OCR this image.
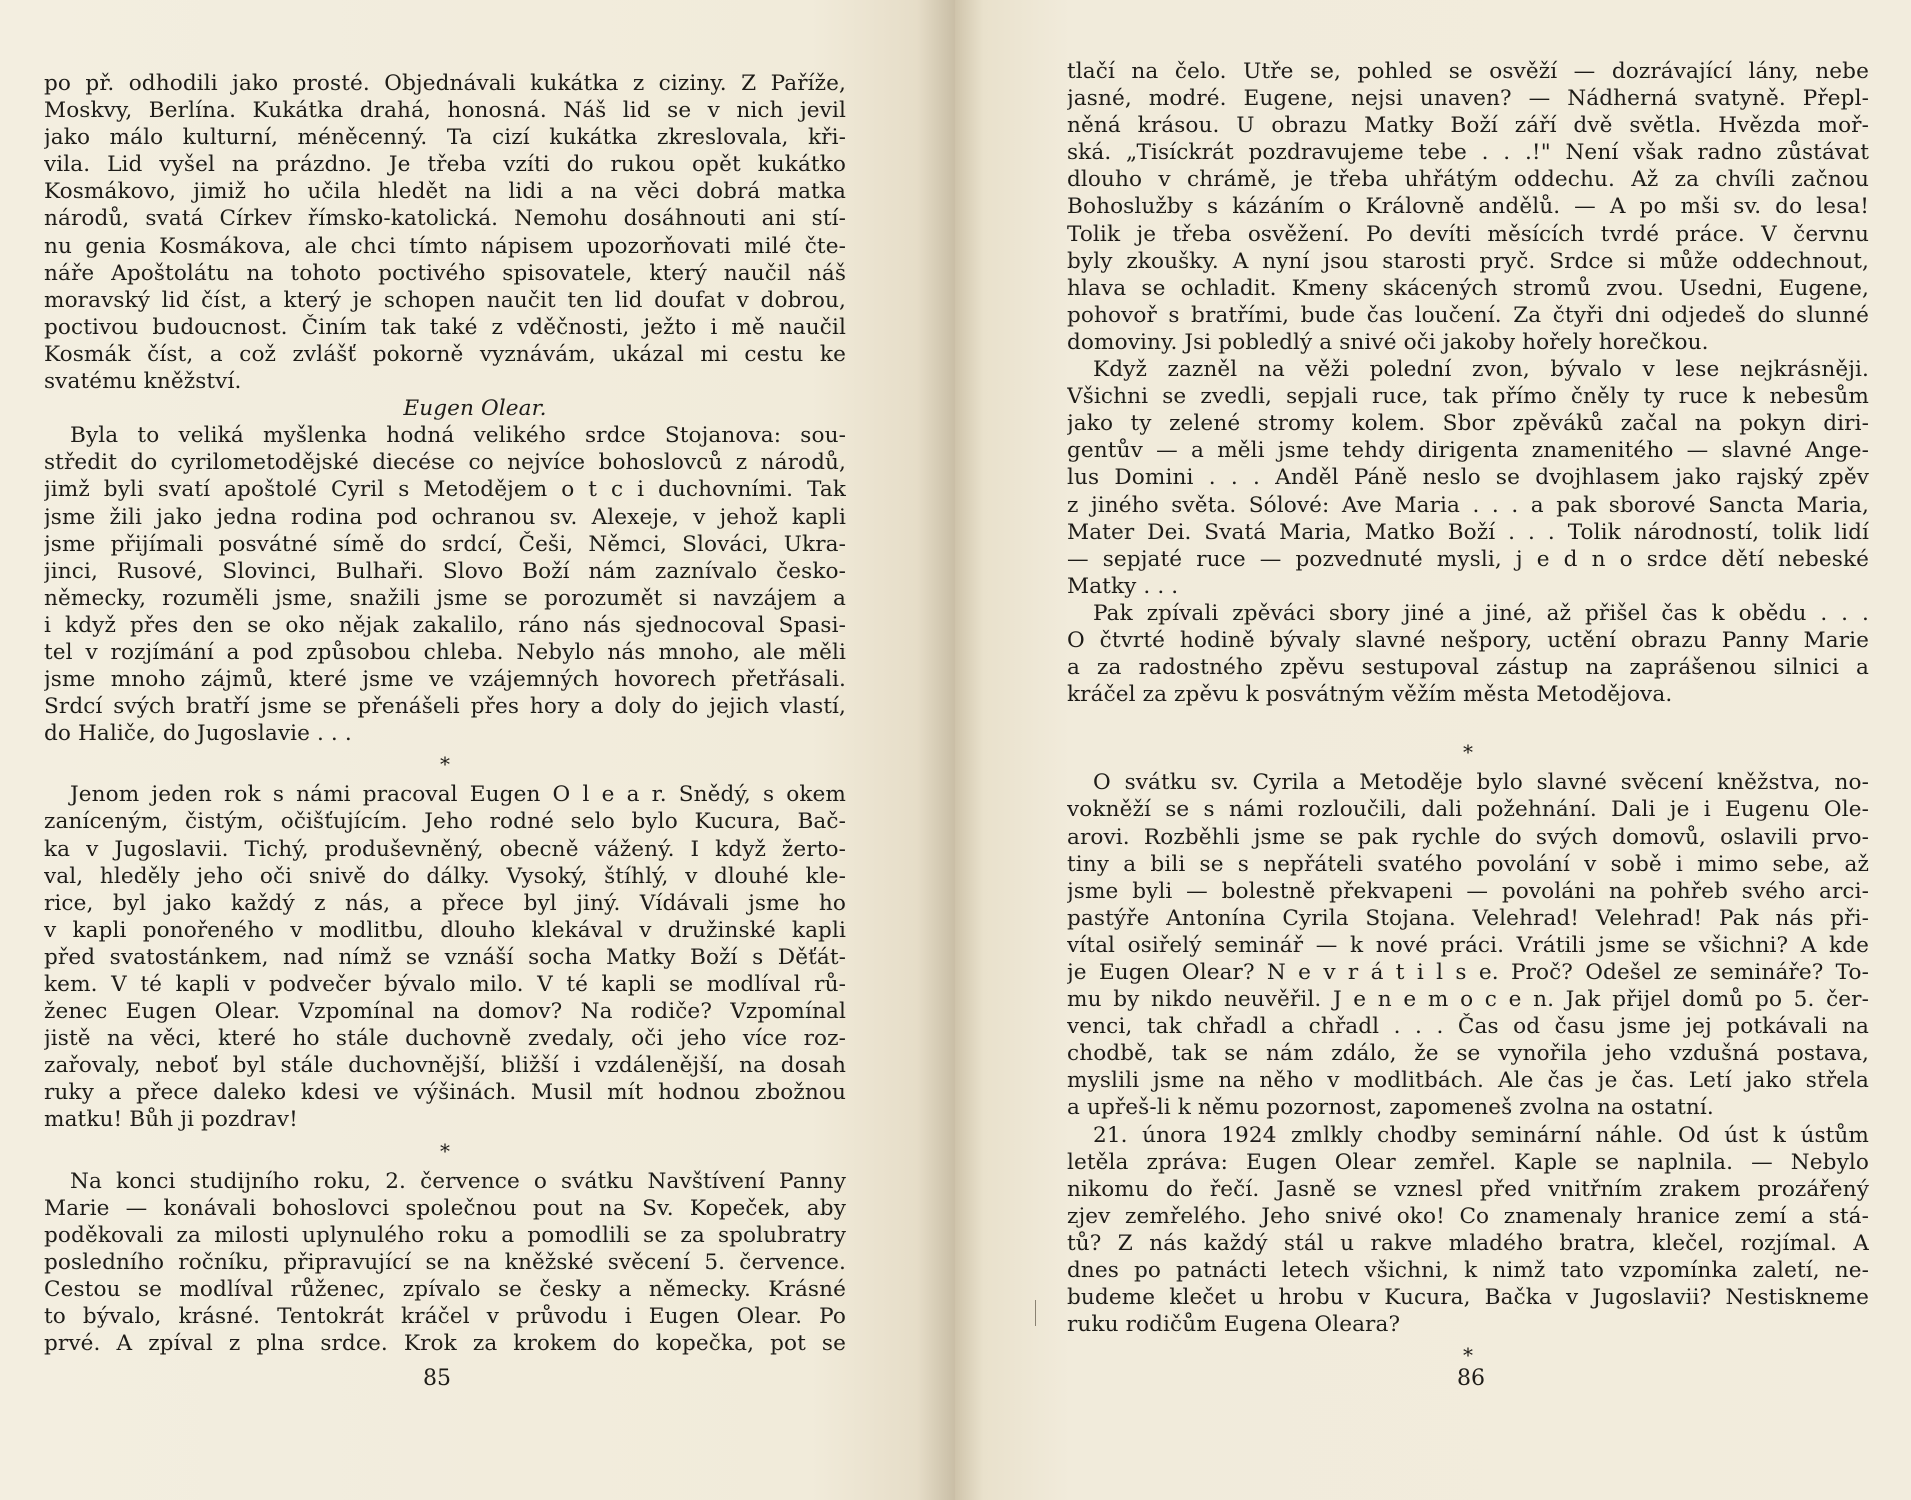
po př. odhodili jako prosté. Objednávali kukátka z ciziny. Z Paříže,
Moskvy, Berlína. Kukátka drahá, honosná. Náš lid se v nich jevil
jako málo kulturní, méněcenný. Ta cizí kukátka zkreslovala, kři-
vila. Lid vyšel na prázdno. Je třeba vzíti do rukou opět kukátko
Kosmákovo, jimiž ho učila hledět na lidi a na věci dobrá matka
národů, svatá Církev římsko-katolická. Nemohu dosáhnouti ani stí-
nu genia Kosmákova, ale chci tímto nápisem upozorňovati milé čte-
náře Apoštolátu na tohoto poctivého spisovatele, který naučil náš
moravský lid číst, a který je schopen naučit ten lid doufat v dobrou,
poctivou budoucnost. Činím tak také z vděčnosti, ježto i mě naučil
Kosmák číst, a což zvlášť pokorně vyznávám, ukázal mi cestu ke
svatému kněžství.
Eugen Olear.
Byla to veliká myšlenka hodná velikého srdce Stojanova: sou-
středit do cyrilometodějské diecése co nejvíce bohoslovců z národů,
jimž byli svatí apoštolé Cyril s Metodějem o t c i duchovními. Tak
jsme žili jako jedna rodina pod ochranou sv. Alexeje, v jehož kapli
jsme přijímali posvátné símě do srdcí, Češi, Němci, Slováci, Ukra-
jinci, Rusové, Slovinci, Bulhaři. Slovo Boží nám zaznívalo česko-
německy, rozuměli jsme, snažili jsme se porozumět si navzájem a
i když přes den se oko nějak zakalilo, ráno nás sjednocoval Spasi-
tel v rozjímání a pod způsobou chleba. Nebylo nás mnoho, ale měli
jsme mnoho zájmů, které jsme ve vzájemných hovorech přetřásali.
Srdcí svých bratří jsme se přenášeli přes hory a doly do jejich vlastí,
do Haliče, do Jugoslavie . . .
*
Jenom jeden rok s námi pracoval Eugen O l e a r. Snědý, s okem
zaníceným, čistým, očišťujícím. Jeho rodné selo bylo Kucura, Bač-
ka v Jugoslavii. Tichý, produševněný, obecně vážený. I když žerto-
val, hleděly jeho oči snivě do dálky. Vysoký, štíhlý, v dlouhé kle-
rice, byl jako každý z nás, a přece byl jiný. Vídávali jsme ho
v kapli ponořeného v modlitbu, dlouho klekával v družinské kapli
před svatostánkem, nad nímž se vznáší socha Matky Boží s Děťát-
kem. V té kapli v podvečer bývalo milo. V té kapli se modlíval rů-
ženec Eugen Olear. Vzpomínal na domov? Na rodiče? Vzpomínal
jistě na věci, které ho stále duchovně zvedaly, oči jeho více roz-
zařovaly, neboť byl stále duchovnější, bližší i vzdálenější, na dosah
ruky a přece daleko kdesi ve výšinách. Musil mít hodnou zbožnou
matku! Bůh ji pozdrav!
*
Na konci studijního roku, 2. července o svátku Navštívení Panny
Marie — konávali bohoslovci společnou pout na Sv. Kopeček, aby
poděkovali za milosti uplynulého roku a pomodlili se za spolubratry
posledního ročníku, připravující se na kněžské svěcení 5. července.
Cestou se modlíval růženec, zpívalo se česky a německy. Krásné
to bývalo, krásné. Tentokrát kráčel v průvodu i Eugen Olear. Po
prvé. A zpíval z plna srdce. Krok za krokem do kopečka, pot se
85
tlačí na čelo. Utře se, pohled se osvěží — dozrávající lány, nebe
jasné, modré. Eugene, nejsi unaven? — Nádherná svatyně. Přepl-
něná krásou. U obrazu Matky Boží září dvě světla. Hvězda moř-
ská. „Tisíckrát pozdravujeme tebe . . .!" Není však radno zůstávat
dlouho v chrámě, je třeba uhřátým oddechu. Až za chvíli začnou
Bohoslužby s kázáním o Královně andělů. — A po mši sv. do lesa!
Tolik je třeba osvěžení. Po devíti měsících tvrdé práce. V červnu
byly zkoušky. A nyní jsou starosti pryč. Srdce si může oddechnout,
hlava se ochladit. Kmeny skácených stromů zvou. Usedni, Eugene,
pohovoř s bratřími, bude čas loučení. Za čtyři dni odjedeš do slunné
domoviny. Jsi pobledlý a snivé oči jakoby hořely horečkou.
Když zazněl na věži polední zvon, bývalo v lese nejkrásněji.
Všichni se zvedli, sepjali ruce, tak přímo čněly ty ruce k nebesům
jako ty zelené stromy kolem. Sbor zpěváků začal na pokyn diri-
gentův — a měli jsme tehdy dirigenta znamenitého — slavné Ange-
lus Domini . . . Anděl Páně neslo se dvojhlasem jako rajský zpěv
z jiného světa. Sólové: Ave Maria . . . a pak sborové Sancta Maria,
Mater Dei. Svatá Maria, Matko Boží . . . Tolik národností, tolik lidí
— sepjaté ruce — pozvednuté mysli, j e d n o srdce dětí nebeské
Matky . . .
Pak zpívali zpěváci sbory jiné a jiné, až přišel čas k obědu . . .
O čtvrté hodině bývaly slavné nešpory, uctění obrazu Panny Marie
a za radostného zpěvu sestupoval zástup na zaprášenou silnici a
kráčel za zpěvu k posvátným věžím města Metodějova.

*
O svátku sv. Cyrila a Metoděje bylo slavné svěcení kněžstva, no-
vokněží se s námi rozloučili, dali požehnání. Dali je i Eugenu Ole-
arovi. Rozběhli jsme se pak rychle do svých domovů, oslavili prvo-
tiny a bili se s nepřáteli svatého povolání v sobě i mimo sebe, až
jsme byli — bolestně překvapeni — povoláni na pohřeb svého arci-
pastýře Antonína Cyrila Stojana. Velehrad! Velehrad! Pak nás při-
vítal osiřelý seminář — k nové práci. Vrátili jsme se všichni? A kde
je Eugen Olear? N e v r á t i l s e. Proč? Odešel ze semináře? To-
mu by nikdo neuvěřil. J e n e m o c e n. Jak přijel domů po 5. čer-
venci, tak chřadl a chřadl . . . Čas od času jsme jej potkávali na
chodbě, tak se nám zdálo, že se vynořila jeho vzdušná postava,
myslili jsme na něho v modlitbách. Ale čas je čas. Letí jako střela
a upřeš-li k němu pozornost, zapomeneš zvolna na ostatní.
21. února 1924 zmlkly chodby seminární náhle. Od úst k ústům
letěla zpráva: Eugen Olear zemřel. Kaple se naplnila. — Nebylo
nikomu do řečí. Jasně se vznesl před vnitřním zrakem prozářený
zjev zemřelého. Jeho snivé oko! Co znamenaly hranice zemí a stá-
tů? Z nás každý stál u rakve mladého bratra, klečel, rozjímal. A
dnes po patnácti letech všichni, k nimž tato vzpomínka zaletí, ne-
budeme klečet u hrobu v Kucura, Bačka v Jugoslavii? Nestiskneme
ruku rodičům Eugena Oleara?
*
86
